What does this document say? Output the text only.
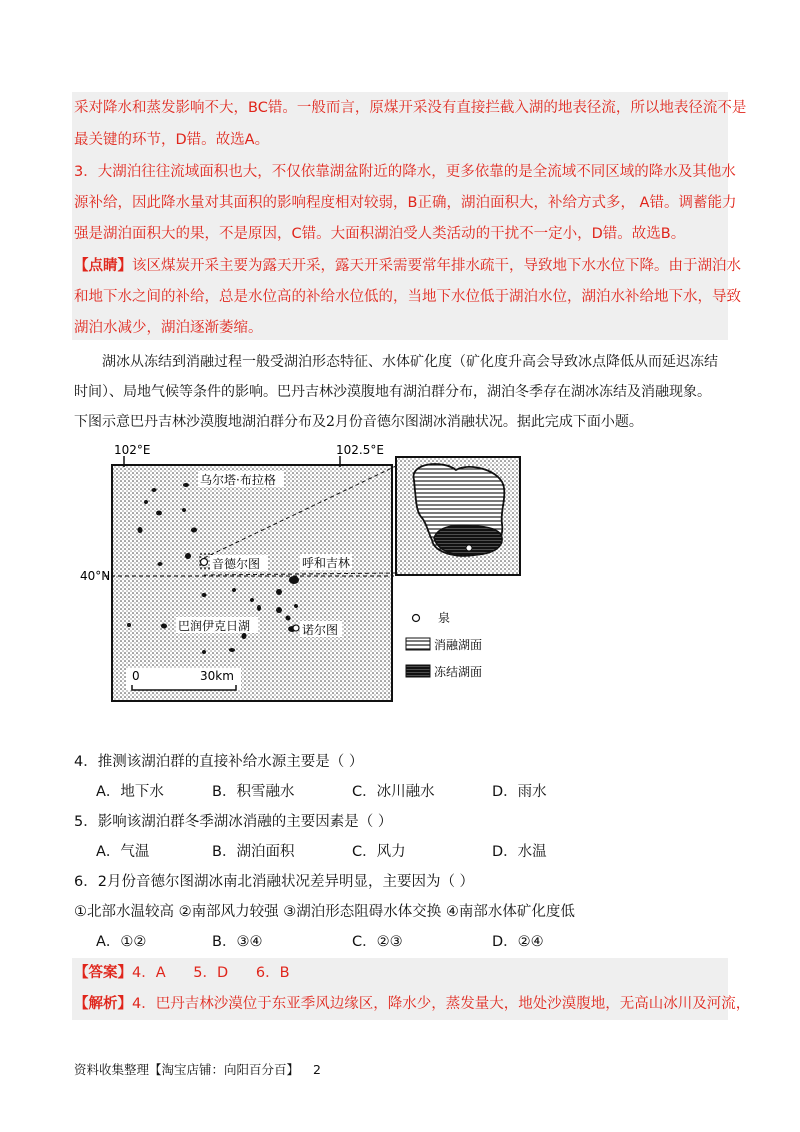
采对降水和蒸发影响不大，BC错。一般而言，原煤开采没有直接拦截入湖的地表径流，所以地表径流不是
最关键的环节，D错。故选A。
3．大湖泊往往流域面积也大，不仅依靠湖盆附近的降水，更多依靠的是全流域不同区域的降水及其他水
源补给，因此降水量对其面积的影响程度相对较弱，B正确，湖泊面积大，补给方式多， A错。调蓄能力
强是湖泊面积大的果，不是原因，C错。大面积湖泊受人类活动的干扰不一定小，D错。故选B。
【点睛】该区煤炭开采主要为露天开采，露天开采需要常年排水疏干，导致地下水水位下降。由于湖泊水
和地下水之间的补给，总是水位高的补给水位低的，当地下水位低于湖泊水位，湖泊水补给地下水，导致
湖泊水减少，湖泊逐渐萎缩。
湖冰从冻结到消融过程一般受湖泊形态特征、水体矿化度（矿化度升高会导致冰点降低从而延迟冻结
时间）、局地气候等条件的影响。巴丹吉林沙漠腹地有湖泊群分布，湖泊冬季存在湖冰冻结及消融现象。
下图示意巴丹吉林沙漠腹地湖泊群分布及2月份音德尔图湖冰消融状况。据此完成下面小题。
102°E	102.5°E
40°N
乌尔塔·布拉格
音德尔图	呼和吉林
巴润伊克日湖	诺尔图
0	30km
泉
消融湖面
冻结湖面
4．推测该湖泊群的直接补给水源主要是（ ）
A．地下水	B．积雪融水	C．冰川融水	D．雨水
5．影响该湖泊群冬季湖冰消融的主要因素是（ ）
A．气温	B．湖泊面积	C．风力	D．水温
6．2月份音德尔图湖冰南北消融状况差异明显，主要因为（ ）
①北部水温较高 ②南部风力较强 ③湖泊形态阻碍水体交换 ④南部水体矿化度低
A．①②	B．③④	C．②③	D．②④
【答案】4．A      5．D      6．B
【解析】4．巴丹吉林沙漠位于东亚季风边缘区，降水少，蒸发量大，地处沙漠腹地，无高山冰川及河流，
资料收集整理【淘宝店铺：向阳百分百】 2
